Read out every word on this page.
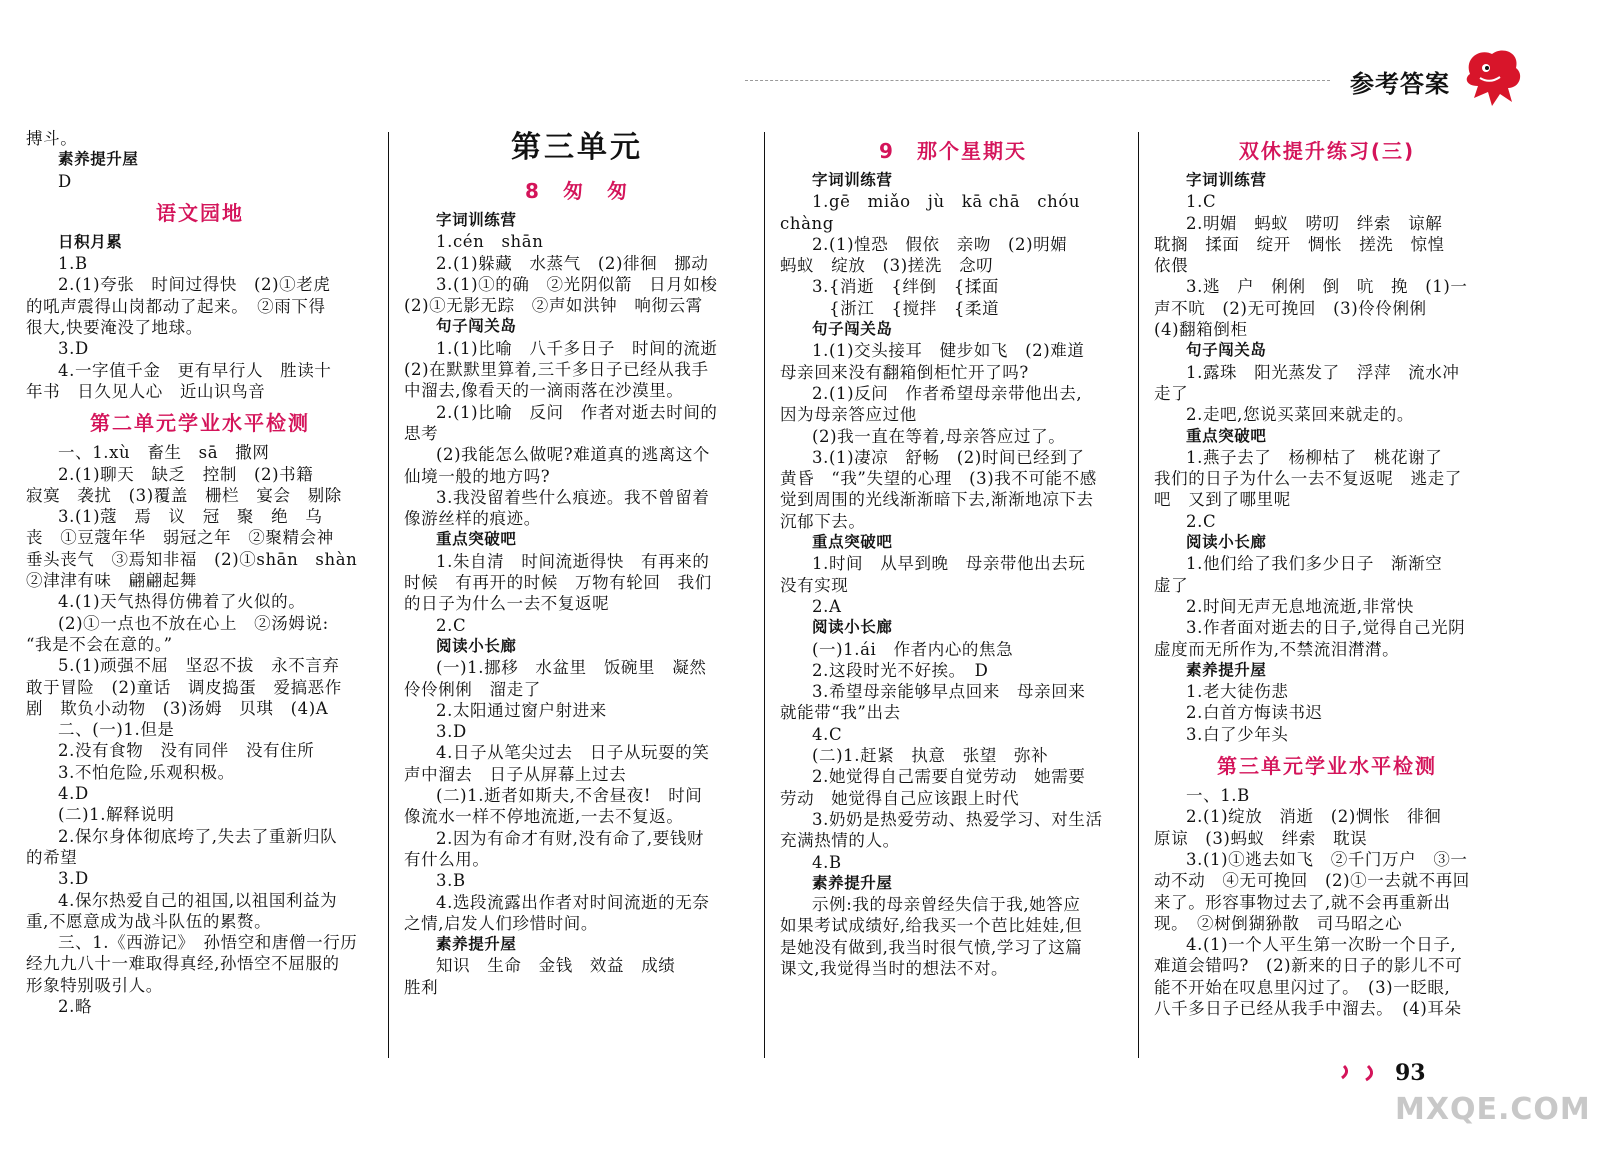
参考答案
搏斗。
素养提升屋
D
语文园地
日积月累
1.B
2.(1)夸张　时间过得快　(2)①老虎
的吼声震得山岗都动了起来。　②雨下得
很大,快要淹没了地球。
3.D
4.一字值千金　更有早行人　胜读十
年书　日久见人心　近山识鸟音
第二单元学业水平检测
一、1.xù　畜生　sā　撒网
2.(1)聊天　缺乏　控制　(2)书籍
寂寞　袭扰　(3)覆盖　栅栏　宴会　剔除
3.(1)蔻　焉　议　冠　聚　绝　乌
丧　①豆蔻年华　弱冠之年　②聚精会神
垂头丧气　③焉知非福　(2)①shān　shàn
②津津有味　翩翩起舞
4.(1)天气热得仿佛着了火似的。
(2)①一点也不放在心上　②汤姆说:
“我是不会在意的。”
5.(1)顽强不屈　坚忍不拔　永不言弃
敢于冒险　(2)童话　调皮捣蛋　爱搞恶作
剧　欺负小动物　(3)汤姆　贝琪　(4)A
二、(一)1.但是
2.没有食物　没有同伴　没有住所
3.不怕危险,乐观积极。
4.D
(二)1.解释说明
2.保尔身体彻底垮了,失去了重新归队
的希望
3.D
4.保尔热爱自己的祖国,以祖国利益为
重,不愿意成为战斗队伍的累赘。
三、1.《西游记》　孙悟空和唐僧一行历
经九九八十一难取得真经,孙悟空不屈服的
形象特别吸引人。
2.略
第三单元
8　匆　匆
字词训练营
1.cén　shān
2.(1)躲藏　水蒸气　(2)徘徊　挪动
3.(1)①的确　②光阴似箭　日月如梭
(2)①无影无踪　②声如洪钟　响彻云霄
句子闯关岛
1.(1)比喻　八千多日子　时间的流逝
(2)在默默里算着,三千多日子已经从我手
中溜去,像看天的一滴雨落在沙漠里。
2.(1)比喻　反问　作者对逝去时间的
思考
(2)我能怎么做呢?难道真的逃离这个
仙境一般的地方吗?
3.我没留着些什么痕迹。我不曾留着
像游丝样的痕迹。
重点突破吧
1.朱自清　时间流逝得快　有再来的
时候　有再开的时候　万物有轮回　我们
的日子为什么一去不复返呢
2.C
阅读小长廊
(一)1.挪移　水盆里　饭碗里　凝然
伶伶俐俐　溜走了
2.太阳通过窗户射进来
3.D
4.日子从笔尖过去　日子从玩耍的笑
声中溜去　日子从屏幕上过去
(二)1.逝者如斯夫,不舍昼夜!　时间
像流水一样不停地流逝,一去不复返。
2.因为有命才有财,没有命了,要钱财
有什么用。
3.B
4.选段流露出作者对时间流逝的无奈
之情,启发人们珍惜时间。
素养提升屋
知识　生命　金钱　效益　成绩
胜利
9　那个星期天
字词训练营
1.gē　miǎo　jù　kā chā　chóu
chàng
2.(1)惶恐　假依　亲吻　(2)明媚
蚂蚁　绽放　(3)搓洗　念叨
3.{消逝　{绊倒　{揉面
　{浙江　{搅拌　{柔道
句子闯关岛
1.(1)交头接耳　健步如飞　(2)难道
母亲回来没有翻箱倒柜忙开了吗?
2.(1)反问　作者希望母亲带他出去,
因为母亲答应过他
(2)我一直在等着,母亲答应过了。
3.(1)凄凉　舒畅　(2)时间已经到了
黄昏　“我”失望的心理　(3)我不可能不感
觉到周围的光线渐渐暗下去,渐渐地凉下去
沉郁下去。
重点突破吧
1.时间　从早到晚　母亲带他出去玩
没有实现
2.A
阅读小长廊
(一)1.ái　作者内心的焦急
2.这段时光不好挨。　D
3.希望母亲能够早点回来　母亲回来
就能带“我”出去
4.C
(二)1.赶紧　执意　张望　弥补
2.她觉得自己需要自觉劳动　她需要
劳动　她觉得自己应该跟上时代
3.奶奶是热爱劳动、热爱学习、对生活
充满热情的人。
4.B
素养提升屋
示例:我的母亲曾经失信于我,她答应
如果考试成绩好,给我买一个芭比娃娃,但
是她没有做到,我当时很气愤,学习了这篇
课文,我觉得当时的想法不对。
双休提升练习(三)
字词训练营
1.C
2.明媚　蚂蚁　唠叨　绊索　谅解
耽搁　揉面　绽开　惆怅　搓洗　惊惶
依偎
3.逃　户　俐俐　倒　吭　挽　(1)一
声不吭　(2)无可挽回　(3)伶伶俐俐
(4)翻箱倒柜
句子闯关岛
1.露珠　阳光蒸发了　浮萍　流水冲
走了
2.走吧,您说买菜回来就走的。
重点突破吧
1.燕子去了　杨柳枯了　桃花谢了
我们的日子为什么一去不复返呢　逃走了
吧　又到了哪里呢
2.C
阅读小长廊
1.他们给了我们多少日子　渐渐空
虚了
2.时间无声无息地流逝,非常快
3.作者面对逝去的日子,觉得自己光阴
虚度而无所作为,不禁流泪潸潸。
素养提升屋
1.老大徒伤悲
2.白首方悔读书迟
3.白了少年头
第三单元学业水平检测
一、1.B
2.(1)绽放　消逝　(2)惆怅　徘徊
原谅　(3)蚂蚁　绊索　耽误
3.(1)①逃去如飞　②千门万户　③一
动不动　④无可挽回　(2)①一去就不再回
来了。形容事物过去了,就不会再重新出
现。　②树倒猢狲散　司马昭之心
4.(1)一个人平生第一次盼一个日子,
难道会错吗?　(2)新来的日子的影儿不可
能不开始在叹息里闪过了。　(3)一眨眼,
八千多日子已经从我手中溜去。　(4)耳朵
93
MXQE.COM
